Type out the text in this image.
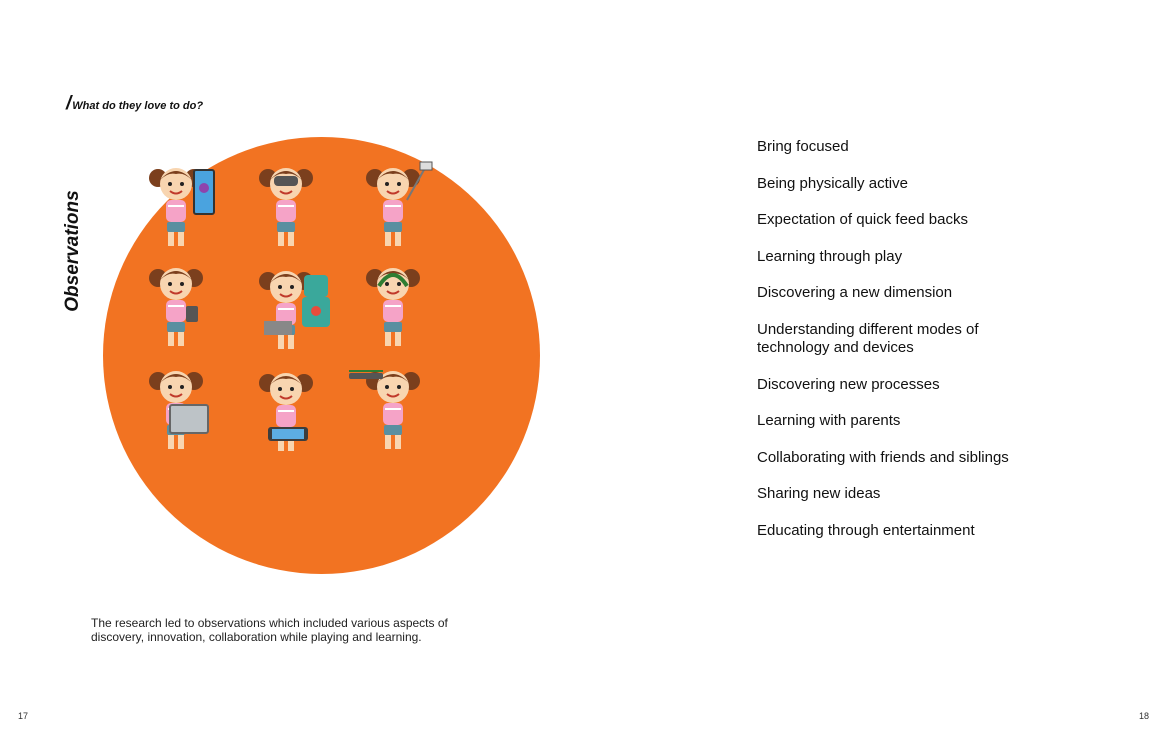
/What do they love to do?
Observations
The research led to observations which included various aspects of discovery, innovation, collaboration while playing and learning.
Bring focused
Being physically active
Expectation of quick feed backs
Learning through play
Discovering a new dimension
Understanding different modes of technology and devices
Discovering new processes
Learning with parents
Collaborating with friends and siblings
Sharing new ideas
Educating through entertainment
17	18
